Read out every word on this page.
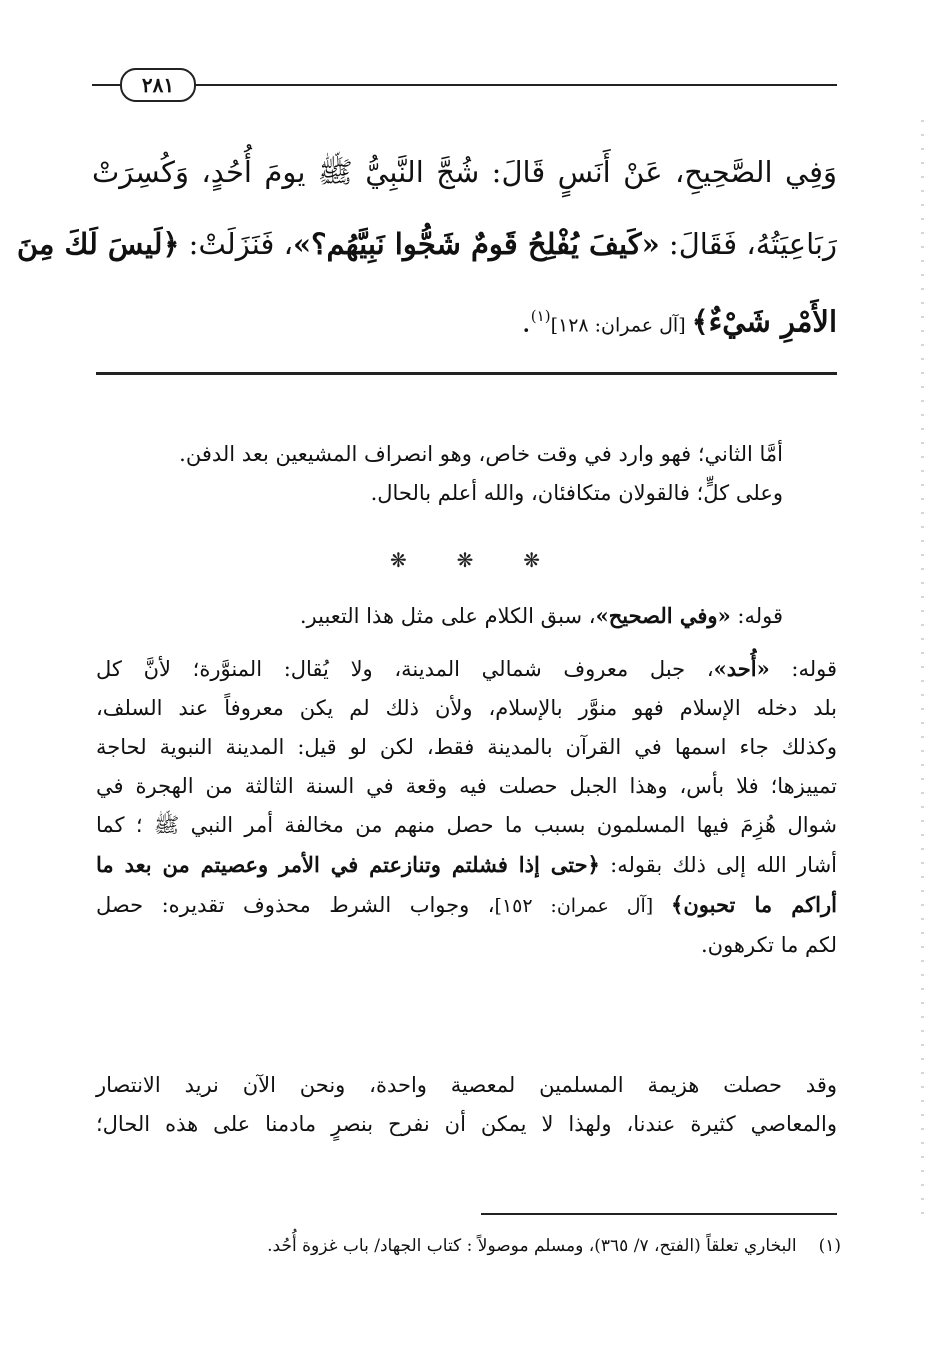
٢٨١
وَفِي الصَّحِيحِ، عَنْ أَنَسٍ قَالَ: شُجَّ النَّبِيُّ ﷺ يومَ أُحُدٍ، وَكُسِرَتْ
رَبَاعِيَتُهُ، فَقَالَ: «كَيفَ يُفْلِحُ قَومٌ شَجُّوا نَبِيَّهُم؟»، فَنَزَلَتْ: ﴿لَيسَ لَكَ مِنَ
الأَمْرِ شَيْءٌ﴾ [آل عمران: ١٢٨]$^{(١)}$.
أمَّا الثاني؛ فهو وارد في وقت خاص، وهو انصراف المشيعين بعد الدفن.
وعلى كلٍّ؛ فالقولان متكافئان، والله أعلم بالحال.
❋ ❋ ❋
قوله: «وفي الصحيح»، سبق الكلام على مثل هذا التعبير.
قوله: «أُحد»، جبل معروف شمالي المدينة، ولا يُقال: المنوَّرة؛ لأنَّ كل
بلد دخله الإسلام فهو منوَّر بالإسلام، ولأن ذلك لم يكن معروفاً عند السلف،
وكذلك جاء اسمها في القرآن بالمدينة فقط، لكن لو قيل: المدينة النبوية لحاجة
تمييزها؛ فلا بأس، وهذا الجبل حصلت فيه وقعة في السنة الثالثة من الهجرة في
شوال هُزِمَ فيها المسلمون بسبب ما حصل منهم من مخالفة أمر النبي ﷺ ؛ كما
أشار الله إلى ذلك بقوله: ﴿حتى إذا فشلتم وتنازعتم في الأمر وعصيتم من بعد ما
أراكم ما تحبون﴾ [آل عمران: ١٥٢]، وجواب الشرط محذوف تقديره: حصل
لكم ما تكرهون.
وقد حصلت هزيمة المسلمين لمعصية واحدة، ونحن الآن نريد الانتصار
والمعاصي كثيرة عندنا، ولهذا لا يمكن أن نفرح بنصرٍ مادمنا على هذه الحال؛
(١)البخاري تعلقاً (الفتح، ٧/ ٣٦٥)، ومسلم موصولاً : كتاب الجهاد/ باب غزوة أُحُد.
